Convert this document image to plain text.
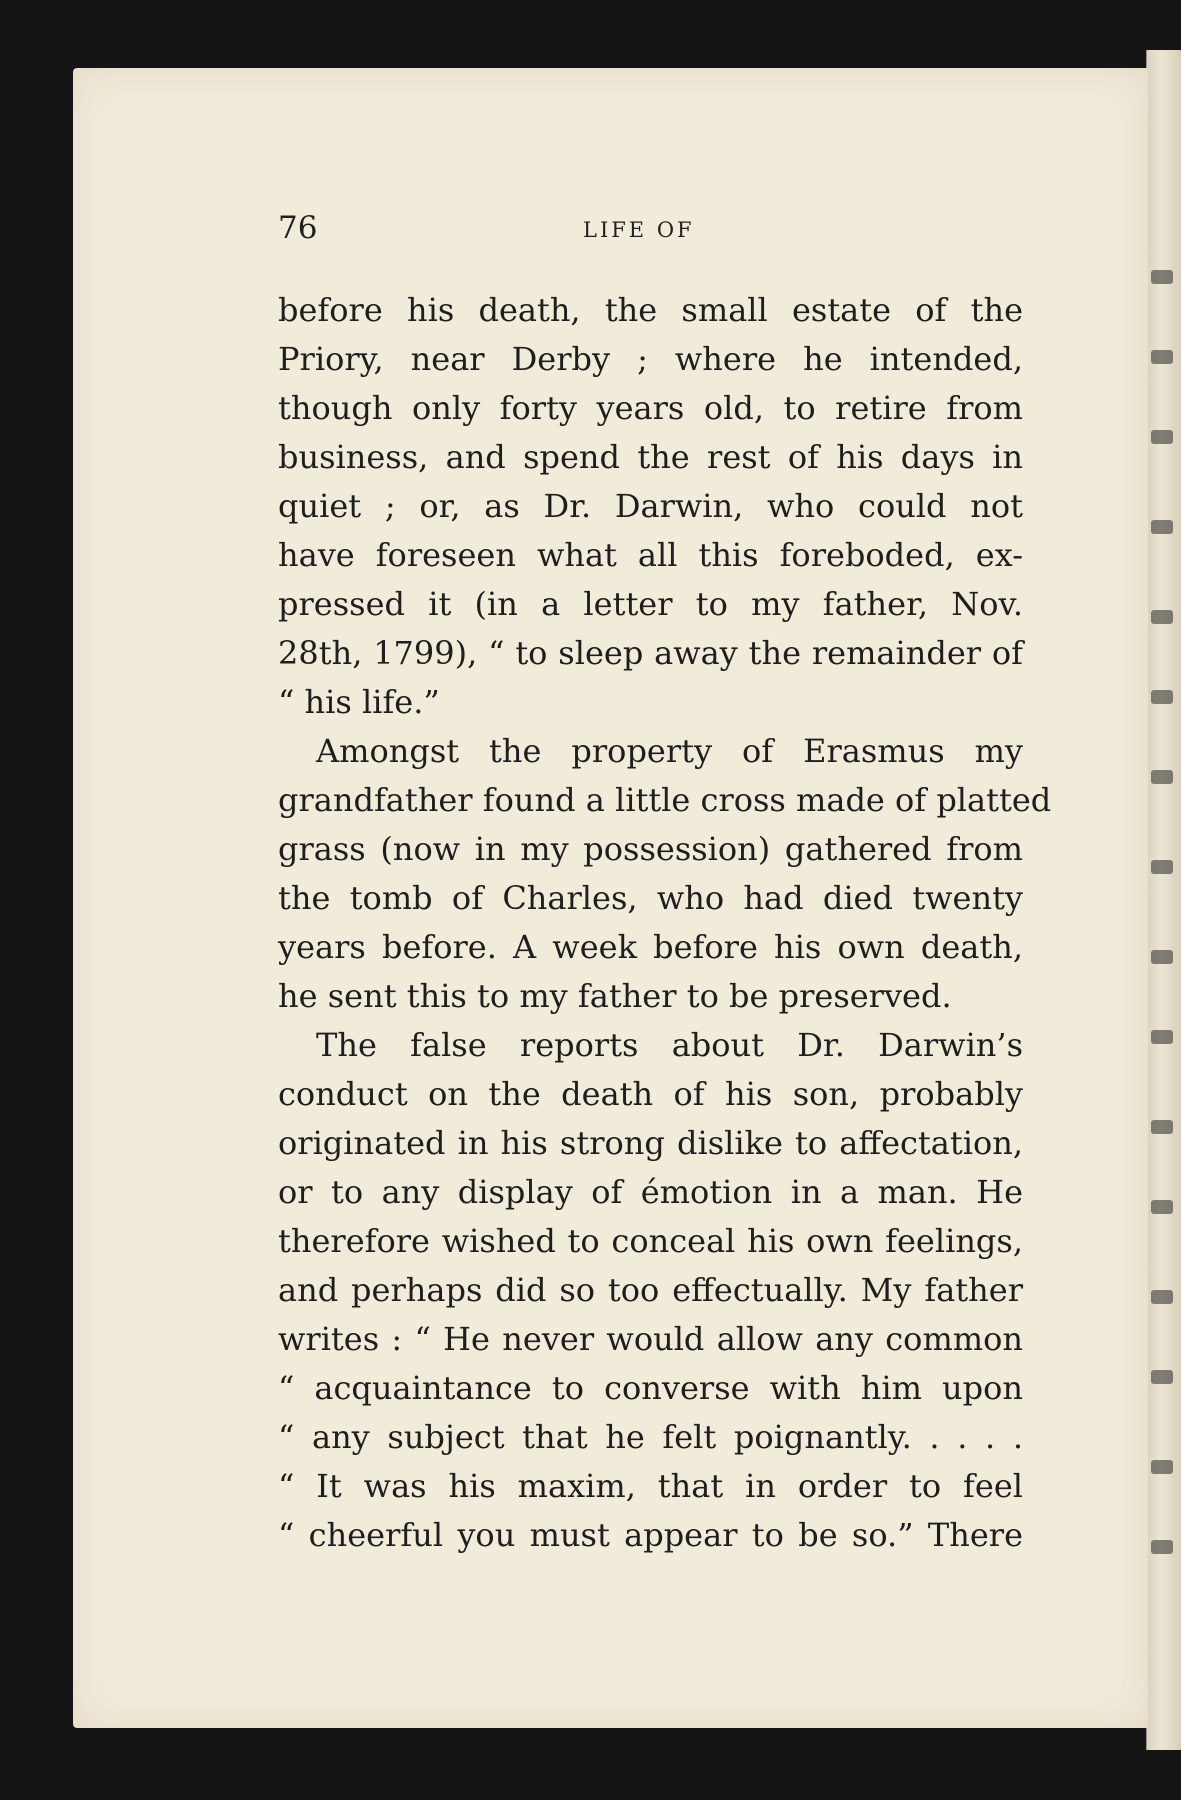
76	LIFE OF
before his death, the small estate of the
Priory, near Derby ; where he intended,
though only forty years old, to retire from
business, and spend the rest of his days in
quiet ; or, as Dr. Darwin, who could not
have foreseen what all this foreboded, ex-
pressed it (in a letter to my father, Nov.
28th, 1799), “ to sleep away the remainder of
“ his life.”
Amongst the property of Erasmus my
grandfather found a little cross made of platted
grass (now in my possession) gathered from
the tomb of Charles, who had died twenty
years before. A week before his own death,
he sent this to my father to be preserved.
The false reports about Dr. Darwin’s
conduct on the death of his son, probably
originated in his strong dislike to affectation,
or to any display of émotion in a man. He
therefore wished to conceal his own feelings,
and perhaps did so too effectually. My father
writes : “ He never would allow any common
“ acquaintance to converse with him upon
“ any subject that he felt poignantly. . . . .
“ It was his maxim, that in order to feel
“ cheerful you must appear to be so.” There
